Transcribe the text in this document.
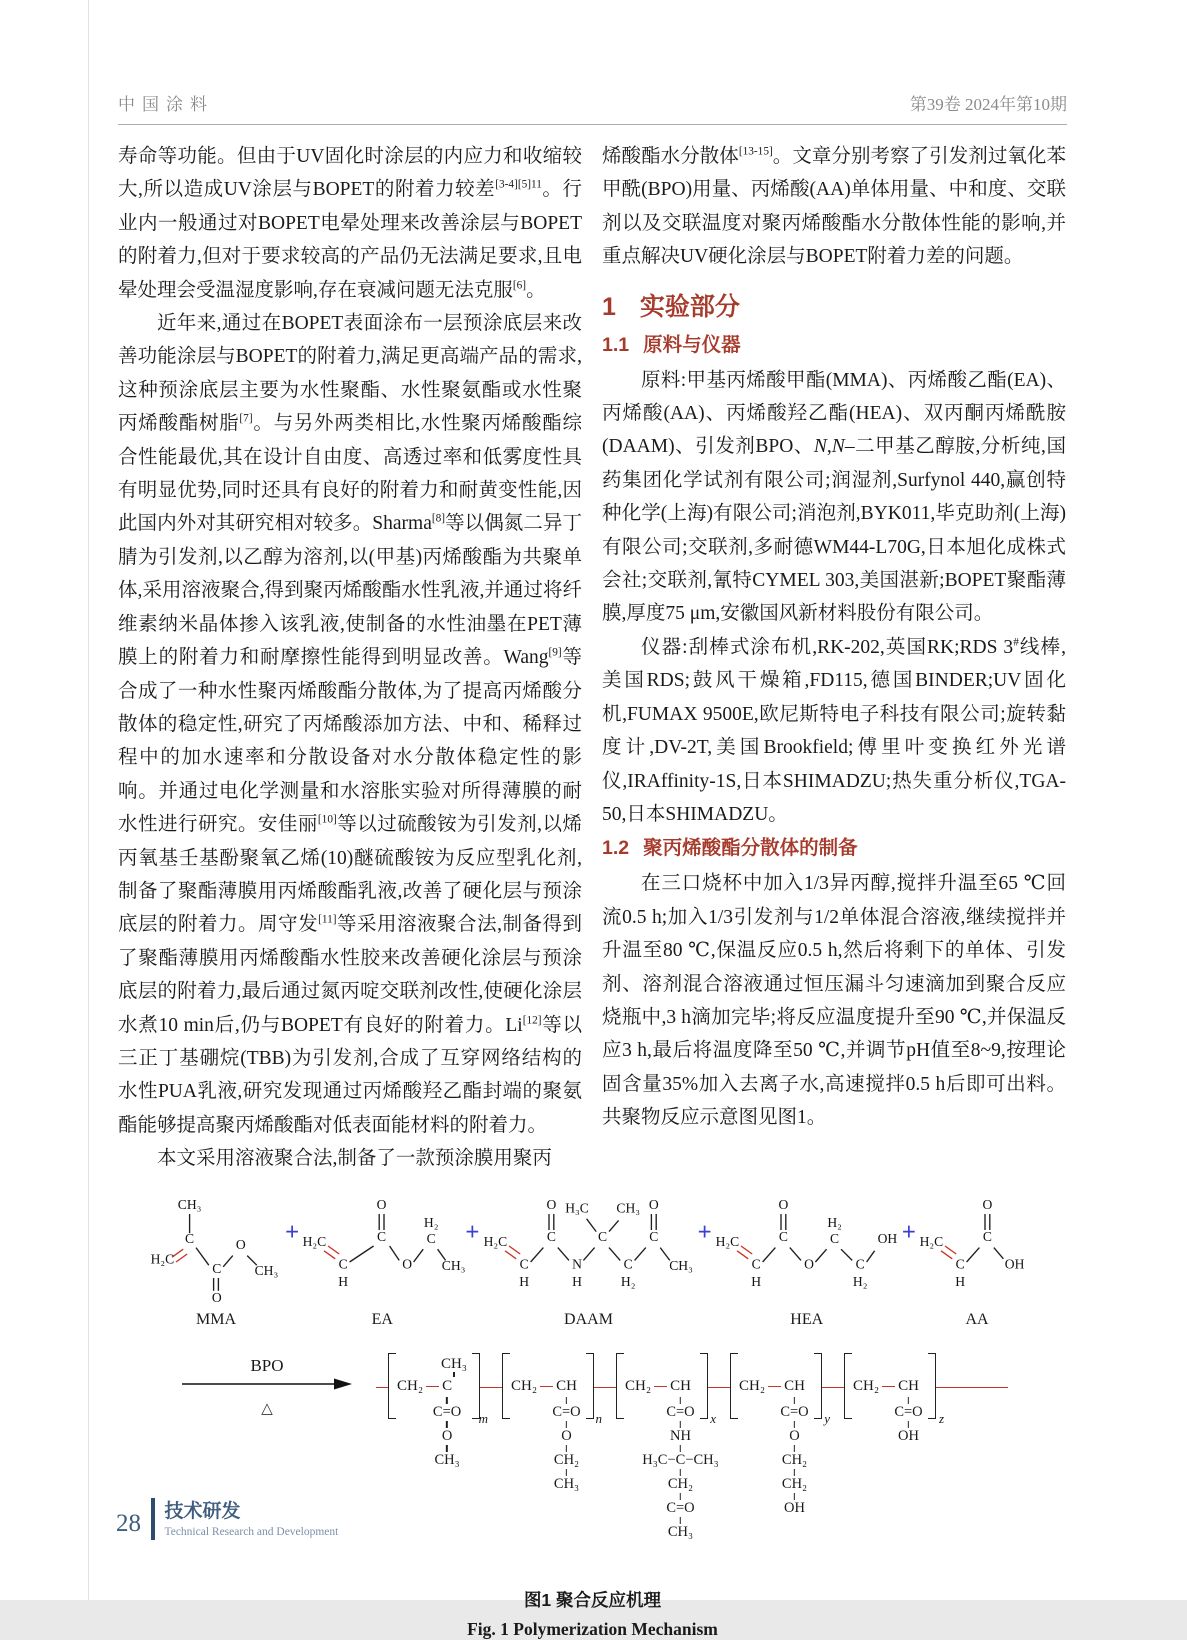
中国涂料	第39卷 2024年第10期

寿命等功能。但由于UV固化时涂层的内应力和收缩较大,所以造成UV涂层与BOPET的附着力较差$^{[3-4][5]11}$。行业内一般通过对BOPET电晕处理来改善涂层与BOPET的附着力,但对于要求较高的产品仍无法满足要求,且电晕处理会受温湿度影响,存在衰减问题无法克服[6]。

近年来,通过在BOPET表面涂布一层预涂底层来改善功能涂层与BOPET的附着力,满足更高端产品的需求,这种预涂底层主要为水性聚酯、水性聚氨酯或水性聚丙烯酸酯树脂[7]。与另外两类相比,水性聚丙烯酸酯综合性能最优,其在设计自由度、高透过率和低雾度性具有明显优势,同时还具有良好的附着力和耐黄变性能,因此国内外对其研究相对较多。Sharma[8]等以偶氮二异丁腈为引发剂,以乙醇为溶剂,以(甲基)丙烯酸酯为共聚单体,采用溶液聚合,得到聚丙烯酸酯水性乳液,并通过将纤维素纳米晶体掺入该乳液,使制备的水性油墨在PET薄膜上的附着力和耐摩擦性能得到明显改善。Wang[9]等合成了一种水性聚丙烯酸酯分散体,为了提高丙烯酸分散体的稳定性,研究了丙烯酸添加方法、中和、稀释过程中的加水速率和分散设备对水分散体稳定性的影响。并通过电化学测量和水溶胀实验对所得薄膜的耐水性进行研究。安佳丽[10]等以过硫酸铵为引发剂,以烯丙氧基壬基酚聚氧乙烯(10)醚硫酸铵为反应型乳化剂,制备了聚酯薄膜用丙烯酸酯乳液,改善了硬化层与预涂底层的附着力。周守发[11]等采用溶液聚合法,制备得到了聚酯薄膜用丙烯酸酯水性胶来改善硬化涂层与预涂底层的附着力,最后通过氮丙啶交联剂改性,使硬化涂层水煮10 min后,仍与BOPET有良好的附着力。Li[12]等以三正丁基硼烷(TBB)为引发剂,合成了互穿网络结构的水性PUA乳液,研究发现通过丙烯酸羟乙酯封端的聚氨酯能够提高聚丙烯酸酯对低表面能材料的附着力。

本文采用溶液聚合法,制备了一款预涂膜用聚丙

烯酸酯水分散体[13-15]。文章分别考察了引发剂过氧化苯甲酰(BPO)用量、丙烯酸(AA)单体用量、中和度、交联剂以及交联温度对聚丙烯酸酯水分散体性能的影响,并重点解决UV硬化涂层与BOPET附着力差的问题。

1 实验部分
1.1 原料与仪器

原料:甲基丙烯酸甲酯(MMA)、丙烯酸乙酯(EA)、丙烯酸(AA)、丙烯酸羟乙酯(HEA)、双丙酮丙烯酰胺(DAAM)、引发剂BPO、N,N–二甲基乙醇胺,分析纯,国药集团化学试剂有限公司;润湿剂,Surfynol 440,赢创特种化学(上海)有限公司;消泡剂,BYK011,毕克助剂(上海)有限公司;交联剂,多耐德WM44-L70G,日本旭化成株式会社;交联剂,氰特CYMEL 303,美国湛新;BOPET聚酯薄膜,厚度75 μm,安徽国风新材料股份有限公司。

仪器:刮棒式涂布机,RK-202,英国RK;RDS 3#线棒,美国RDS;鼓风干燥箱,FD115,德国BINDER;UV固化机,FUMAX 9500E,欧尼斯特电子科技有限公司;旋转黏度计,DV-2T,美国Brookfield;傅里叶变换红外光谱仪,IRAffinity-1S,日本SHIMADZU;热失重分析仪,TGA-50,日本SHIMADZU。

1.2 聚丙烯酸酯分散体的制备

在三口烧杯中加入1/3异丙醇,搅拌升温至65 ℃回流0.5 h;加入1/3引发剂与1/2单体混合溶液,继续搅拌并升温至80 ℃,保温反应0.5 h,然后将剩下的单体、引发剂、溶剂混合溶液通过恒压漏斗匀速滴加到聚合反应烧瓶中,3 h滴加完毕;将反应温度提升至90 ℃,并保温反应3 h,最后将温度降至50 ℃,并调节pH值至8~9,按理论固含量35%加入去离子水,高速搅拌0.5 h后即可出料。共聚物反应示意图见图1。

CH₃
C
H₂C
C
O
O
CH₃
MMA
+
O
C
H₂C
C
H
O
H₂
C
CH₃
EA
+ H₂C
C
H
C
O
N
H
C
H₃C CH₃
C
H₂
C
O
CH₃
DAAM
+ H₂C
C
H
C
O
O
H₂
C
C
H₂
OH
HEA
+ H₂C
C
H
C
O
OH
AA
BPO
△
m
CH₃
CH₂ C
C=O
O
CH₃
n
CH₂ CH
C=O
O
CH₂
CH₃
x
CH₂ CH
C=O
NH
H₃C−C−CH₃
CH₂
C=O
CH₃
y
CH₂ CH
C=O
O
CH₂
CH₂
OH
z
CH₂ CH
C=O
OH
图1 聚合反应机理
Fig. 1 Polymerization Mechanism
28 技术研发
Technical Research and Development
